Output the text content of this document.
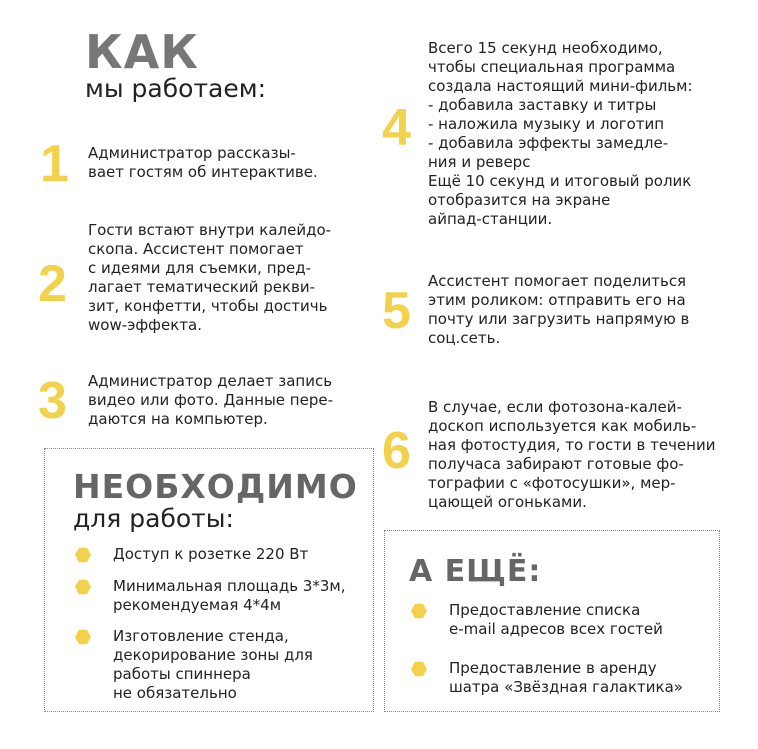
КАК
мы работаем:
1 Администратор рассказы-
вает гостям об интерактиве.
2
Гости встают внутри калейдо-
скопа. Ассистент помогает
с идеями для съемки, пред-
лагает тематический рекви-
зит, конфетти, чтобы достичь
wow-эффекта.
3 Администратор делает запись
видео или фото. Данные пере-
даются на компьютер.
4
Всего 15 секунд необходимо,
чтобы специальная программа
создала настоящий мини-фильм:
- добавила заставку и титры
- наложила музыку и логотип
- добавила эффекты замедле-
ния и реверс
Ещё 10 секунд и итоговый ролик
отобразится на экране
айпад-станции.
5
Ассистент помогает поделиться
этим роликом: отправить его на
почту или загрузить напрямую в
соц.сеть.
6
В случае, если фотозона-калей-
доскоп используется как мобиль-
ная фотостудия, то гости в течении
получаса забирают готовые фо-
тографии с «фотосушки», мер-
цающей огоньками.
НЕОБХОДИМО
для работы:
Доступ к розетке 220 Вт
Минимальная площадь 3*3м,
рекомендуемая 4*4м
Изготовление стенда,
декорирование зоны для
работы спиннера
не обязательно
А ЕЩЁ:
Предоставление списка
e-mail адресов всех гостей
Предоставление в аренду
шатра «Звёздная галактика»
